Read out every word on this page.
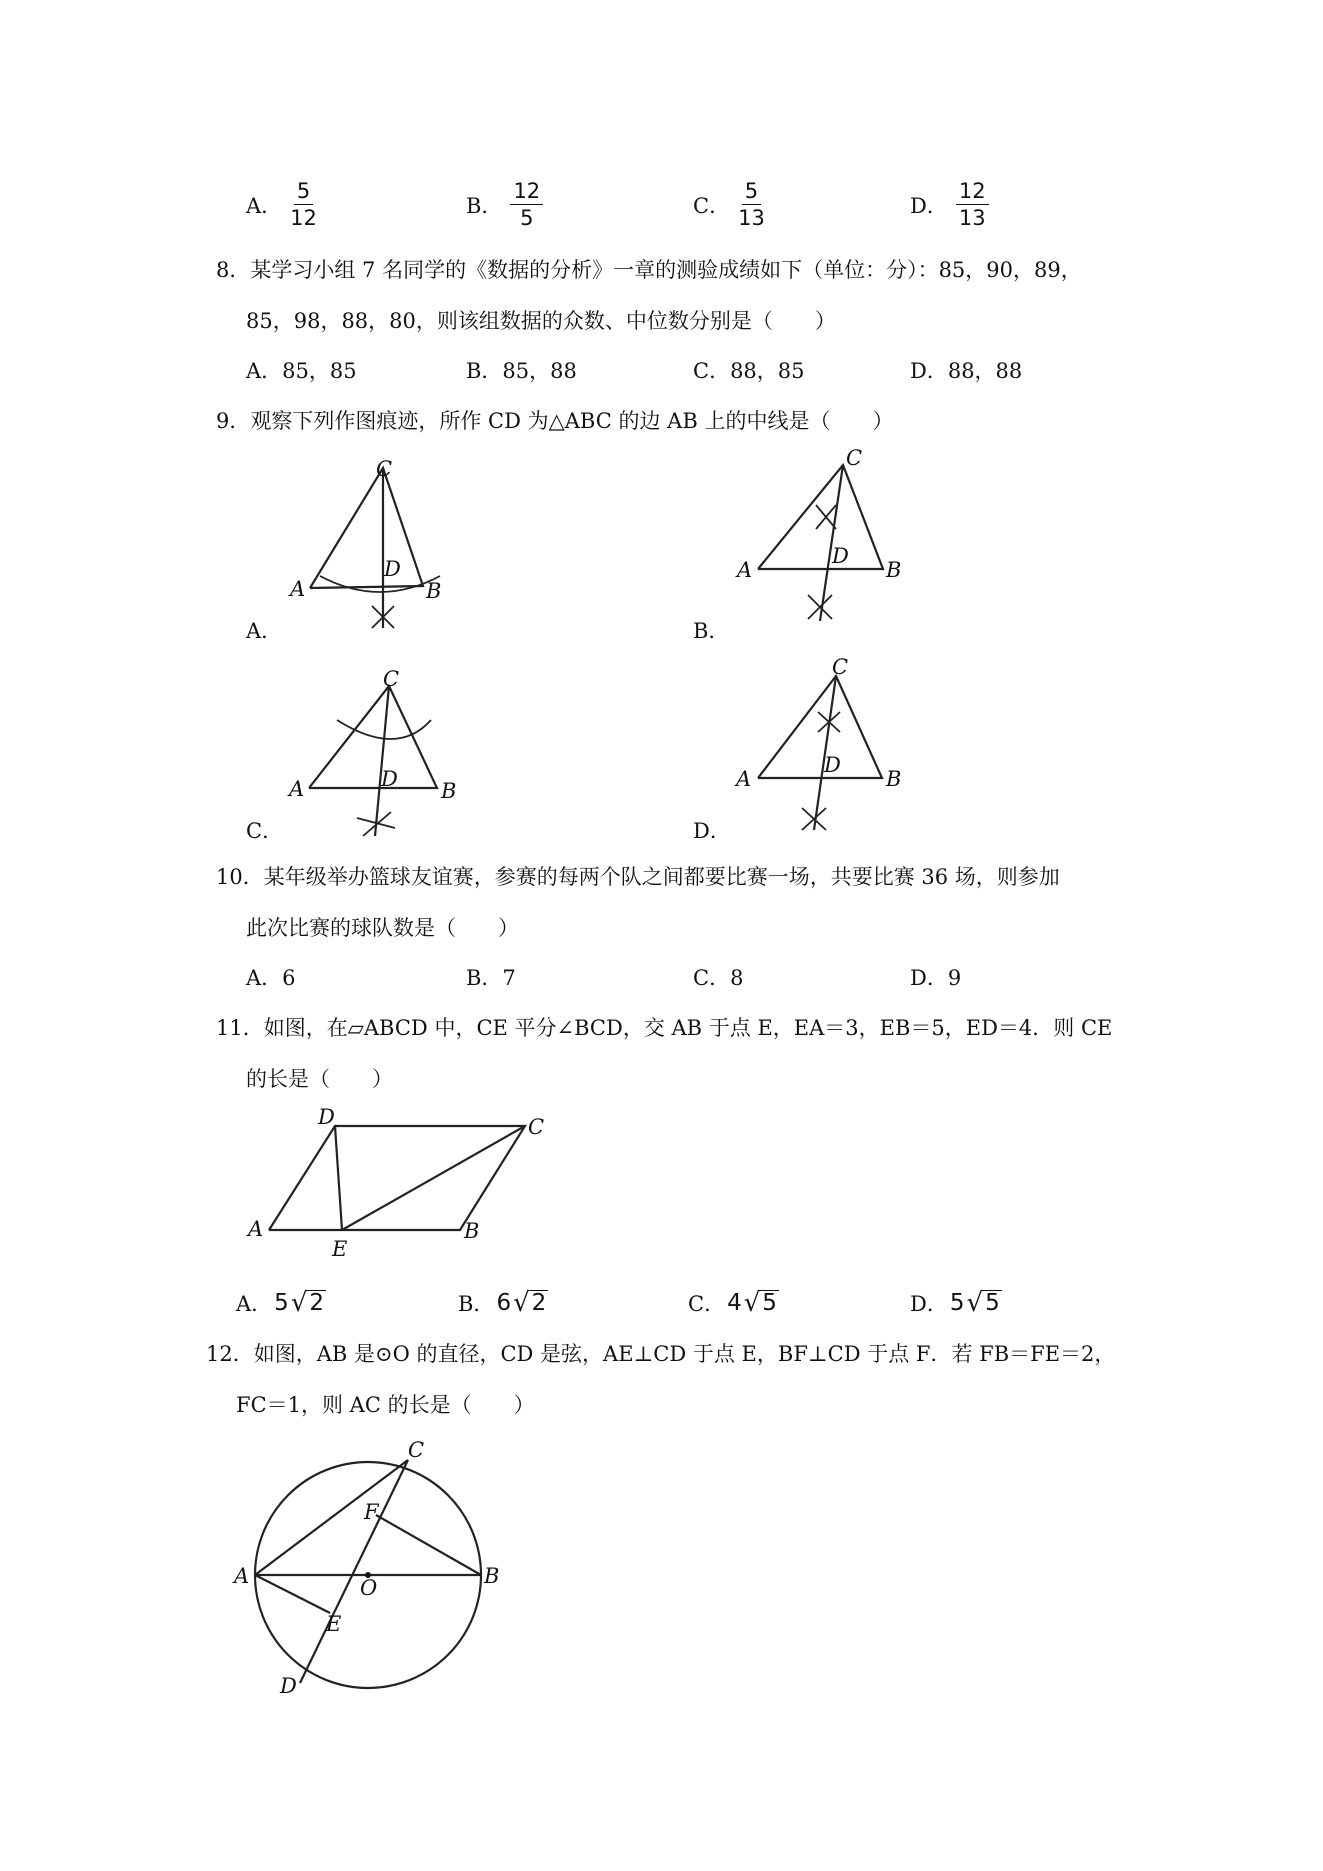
A． $\frac{5}{12}$	B． $\frac{12}{5}$	C． $\frac{5}{13}$	D． $\frac{12}{13}$
8．某学习小组 7 名同学的《数据的分析》一章的测验成绩如下（单位：分）：85，90，89，
85，98，88，80，则该组数据的众数、中位数分别是（　　）
A．85，85	B．85，88	C．88，85	D．88，88
9．观察下列作图痕迹，所作 CD 为△ABC 的边 AB 上的中线是（　　）
C
D
A	B
A．
C
D
A	B
B．
C
D
A	B
C．
C
D
A	B
D．
10．某年级举办篮球友谊赛，参赛的每两个队之间都要比赛一场，共要比赛 36 场，则参加
此次比赛的球队数是（　　）
A．6	B．7	C．8	D．9
11．如图，在▱ABCD 中，CE 平分∠BCD，交 AB 于点 E，EA＝3，EB＝5，ED＝4．则 CE
的长是（　　）
D	C
A
E
B
A． 5 √ 2	B． 6 √ 2	C． 4 √ 5	D． 5 √ 5
12．如图，AB 是⊙O 的直径，CD 是弦，AE⊥CD 于点 E，BF⊥CD 于点 F．若 FB＝FE＝2，
FC＝1，则 AC 的长是（　　）
C
F
A	O	B
E
D
